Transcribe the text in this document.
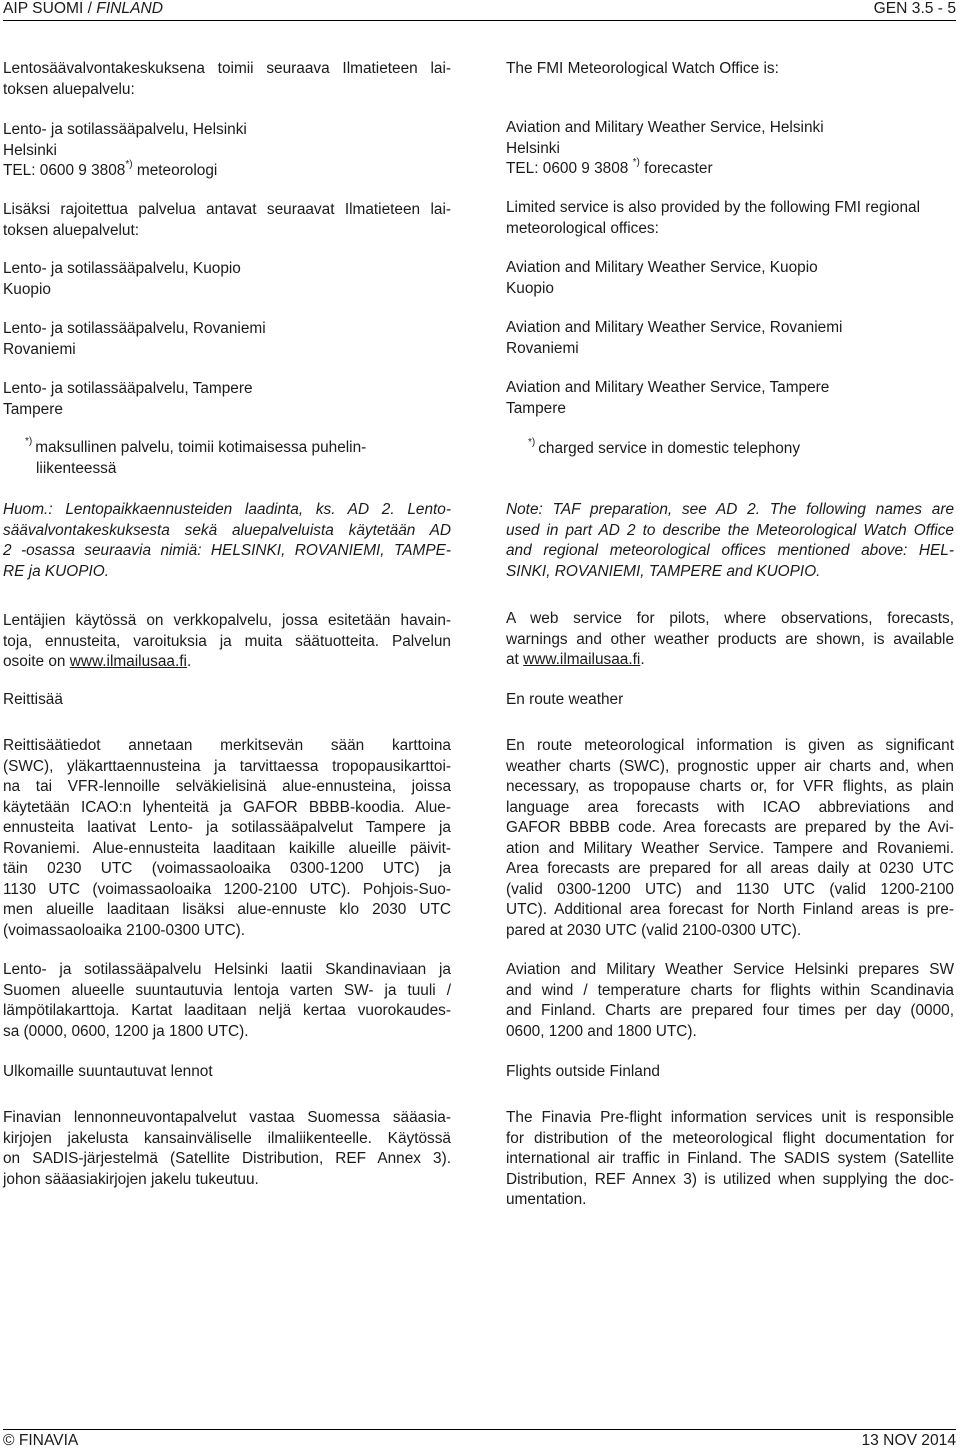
AIP SUOMI / FINLAND	GEN 3.5 - 5
Lentosäävalvontakeskuksena toimii seuraava Ilmatieteen lai-
toksen aluepalvelu:
Lento- ja sotilassääpalvelu, Helsinki
Helsinki
TEL: 0600 9 3808*) meteorologi
Lisäksi rajoitettua palvelua antavat seuraavat Ilmatieteen lai-
toksen aluepalvelut:
Lento- ja sotilassääpalvelu, Kuopio
Kuopio
Lento- ja sotilassääpalvelu, Rovaniemi
Rovaniemi
Lento- ja sotilassääpalvelu, Tampere
Tampere
*) maksullinen palvelu, toimii kotimaisessa puhelin-
liikenteessä
Huom.: Lentopaikkaennusteiden laadinta, ks. AD 2. Lento-
säävalvontakeskuksesta sekä aluepalveluista käytetään AD
2 -osassa seuraavia nimiä: HELSINKI, ROVANIEMI, TAMPE-
RE ja KUOPIO.
Lentäjien käytössä on verkkopalvelu, jossa esitetään havain-
toja, ennusteita, varoituksia ja muita säätuotteita. Palvelun
osoite on www.ilmailusaa.fi.
Reittisää
Reittisäätiedot annetaan merkitsevän sään karttoina
(SWC), yläkarttaennusteina ja tarvittaessa tropopausikarttoi-
na tai VFR-lennoille selväkielisinä alue-ennusteina, joissa
käytetään ICAO:n lyhenteitä ja GAFOR BBBB-koodia. Alue-
ennusteita laativat Lento- ja sotilassääpalvelut Tampere ja
Rovaniemi. Alue-ennusteita laaditaan kaikille alueille päivit-
täin 0230 UTC (voimassaoloaika 0300-1200 UTC) ja
1130 UTC (voimassaoloaika 1200-2100 UTC). Pohjois-Suo-
men alueille laaditaan lisäksi alue-ennuste klo 2030 UTC
(voimassaoloaika 2100-0300 UTC).
Lento- ja sotilassääpalvelu Helsinki laatii Skandinaviaan ja
Suomen alueelle suuntautuvia lentoja varten SW- ja tuuli /
lämpötilakarttoja. Kartat laaditaan neljä kertaa vuorokaudes-
sa (0000, 0600, 1200 ja 1800 UTC).
Ulkomaille suuntautuvat lennot
Finavian lennonneuvontapalvelut vastaa Suomessa sääasia-
kirjojen jakelusta kansainväliselle ilmaliikenteelle. Käytössä
on SADIS-järjestelmä (Satellite Distribution, REF Annex 3).
johon sääasiakirjojen jakelu tukeutuu.
The FMI Meteorological Watch Office is:
Aviation and Military Weather Service, Helsinki
Helsinki
TEL: 0600 9 3808 *) forecaster
Limited service is also provided by the following FMI regional
meteorological offices:
Aviation and Military Weather Service, Kuopio
Kuopio
Aviation and Military Weather Service, Rovaniemi
Rovaniemi
Aviation and Military Weather Service, Tampere
Tampere
*) charged service in domestic telephony
Note: TAF preparation, see AD 2. The following names are
used in part AD 2 to describe the Meteorological Watch Office
and regional meteorological offices mentioned above: HEL-
SINKI, ROVANIEMI, TAMPERE and KUOPIO.
A web service for pilots, where observations, forecasts,
warnings and other weather products are shown, is available
at www.ilmailusaa.fi.
En route weather
En route meteorological information is given as significant
weather charts (SWC), prognostic upper air charts and, when
necessary, as tropopause charts or, for VFR flights, as plain
language area forecasts with ICAO abbreviations and
GAFOR BBBB code. Area forecasts are prepared by the Avi-
ation and Military Weather Service. Tampere and Rovaniemi.
Area forecasts are prepared for all areas daily at 0230 UTC
(valid 0300-1200 UTC) and 1130 UTC (valid 1200-2100
UTC). Additional area forecast for North Finland areas is pre-
pared at 2030 UTC (valid 2100-0300 UTC).
Aviation and Military Weather Service Helsinki prepares SW
and wind / temperature charts for flights within Scandinavia
and Finland. Charts are prepared four times per day (0000,
0600, 1200 and 1800 UTC).
Flights outside Finland
The Finavia Pre-flight information services unit is responsible
for distribution of the meteorological flight documentation for
international air traffic in Finland. The SADIS system (Satellite
Distribution, REF Annex 3) is utilized when supplying the doc-
umentation.
© FINAVIA	13 NOV 2014
